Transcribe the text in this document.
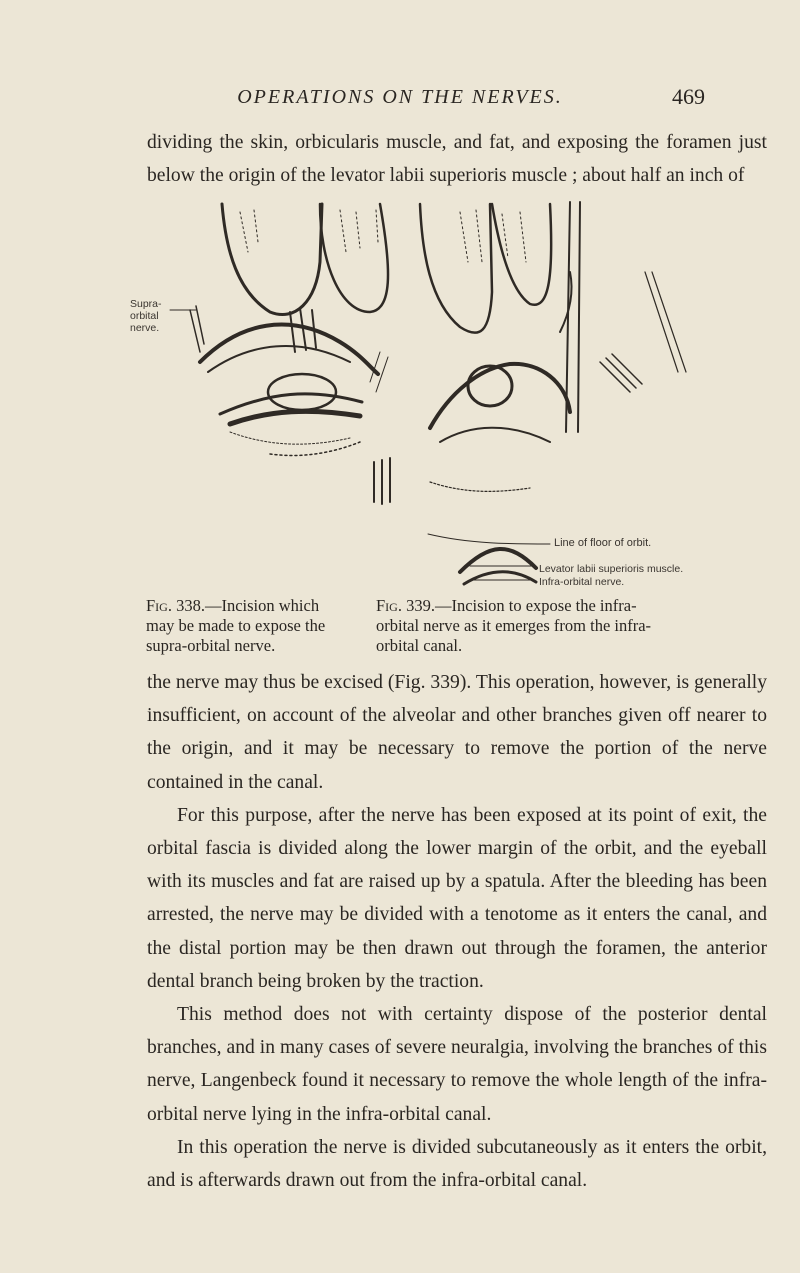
OPERATIONS ON THE NERVES.	469
dividing the skin, orbicularis muscle, and fat, and exposing the foramen just below the origin of the levator labii superioris muscle ; about half an inch of
Supra-
orbital
nerve.
Line of floor of orbit.
Levator labii superioris muscle.
Infra-orbital nerve.
Fig. 338.—Incision which may be made to expose the supra-orbital nerve.
Fig. 339.—Incision to expose the infra-orbital nerve as it emerges from the infra-orbital canal.

the nerve may thus be excised (Fig. 339). This operation, however, is generally insufficient, on account of the alveolar and other branches given off nearer to the origin, and it may be necessary to remove the portion of the nerve contained in the canal.

For this purpose, after the nerve has been exposed at its point of exit, the orbital fascia is divided along the lower margin of the orbit, and the eyeball with its muscles and fat are raised up by a spatula. After the bleeding has been arrested, the nerve may be divided with a tenotome as it enters the canal, and the distal portion may be then drawn out through the foramen, the anterior dental branch being broken by the traction.

This method does not with certainty dispose of the posterior dental branches, and in many cases of severe neuralgia, involving the branches of this nerve, Langenbeck found it necessary to remove the whole length of the infra-orbital nerve lying in the infra-orbital canal.

In this operation the nerve is divided subcutaneously as it enters the orbit, and is afterwards drawn out from the infra-orbital canal.
